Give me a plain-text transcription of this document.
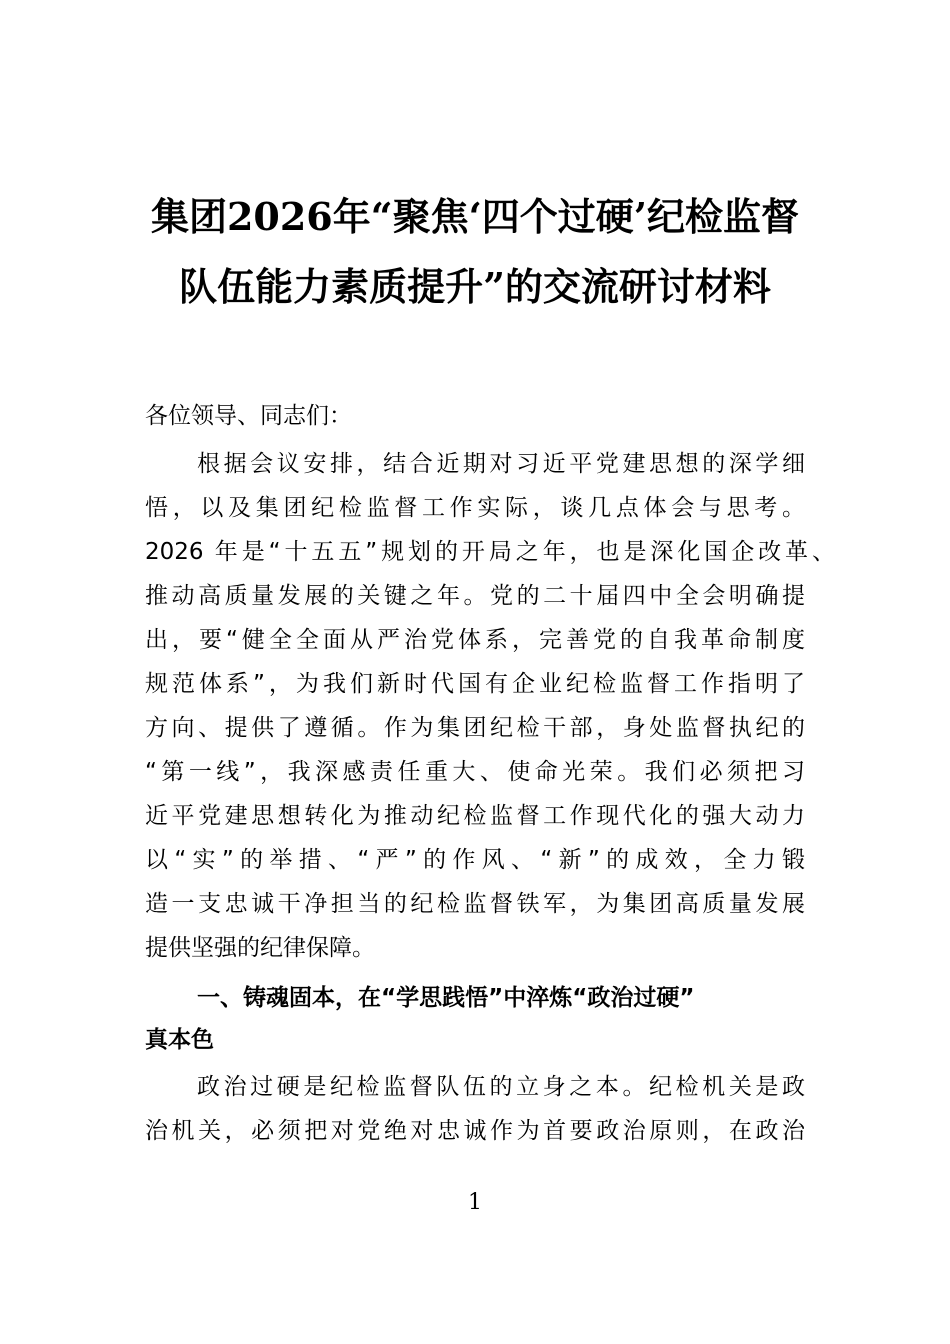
集团2026年“聚焦‘四个过硬’纪检监督
队伍能力素质提升”的交流研讨材料
各位领导、同志们：
根据会议安排，结合近期对习近平党建思想的深学细
悟，以及集团纪检监督工作实际，谈几点体会与思考。
2026 年是“十五五”规划的开局之年，也是深化国企改革、
推动高质量发展的关键之年。党的二十届四中全会明确提
出，要“健全全面从严治党体系，完善党的自我革命制度
规范体系”，为我们新时代国有企业纪检监督工作指明了
方向、提供了遵循。作为集团纪检干部，身处监督执纪的
“第一线”，我深感责任重大、使命光荣。我们必须把习
近平党建思想转化为推动纪检监督工作现代化的强大动力
以“实”的举措、“严”的作风、“新”的成效，全力锻
造一支忠诚干净担当的纪检监督铁军，为集团高质量发展
提供坚强的纪律保障。
一、铸魂固本，在“学思践悟”中淬炼“政治过硬”
真本色
政治过硬是纪检监督队伍的立身之本。纪检机关是政
治机关，必须把对党绝对忠诚作为首要政治原则，在政治
1
